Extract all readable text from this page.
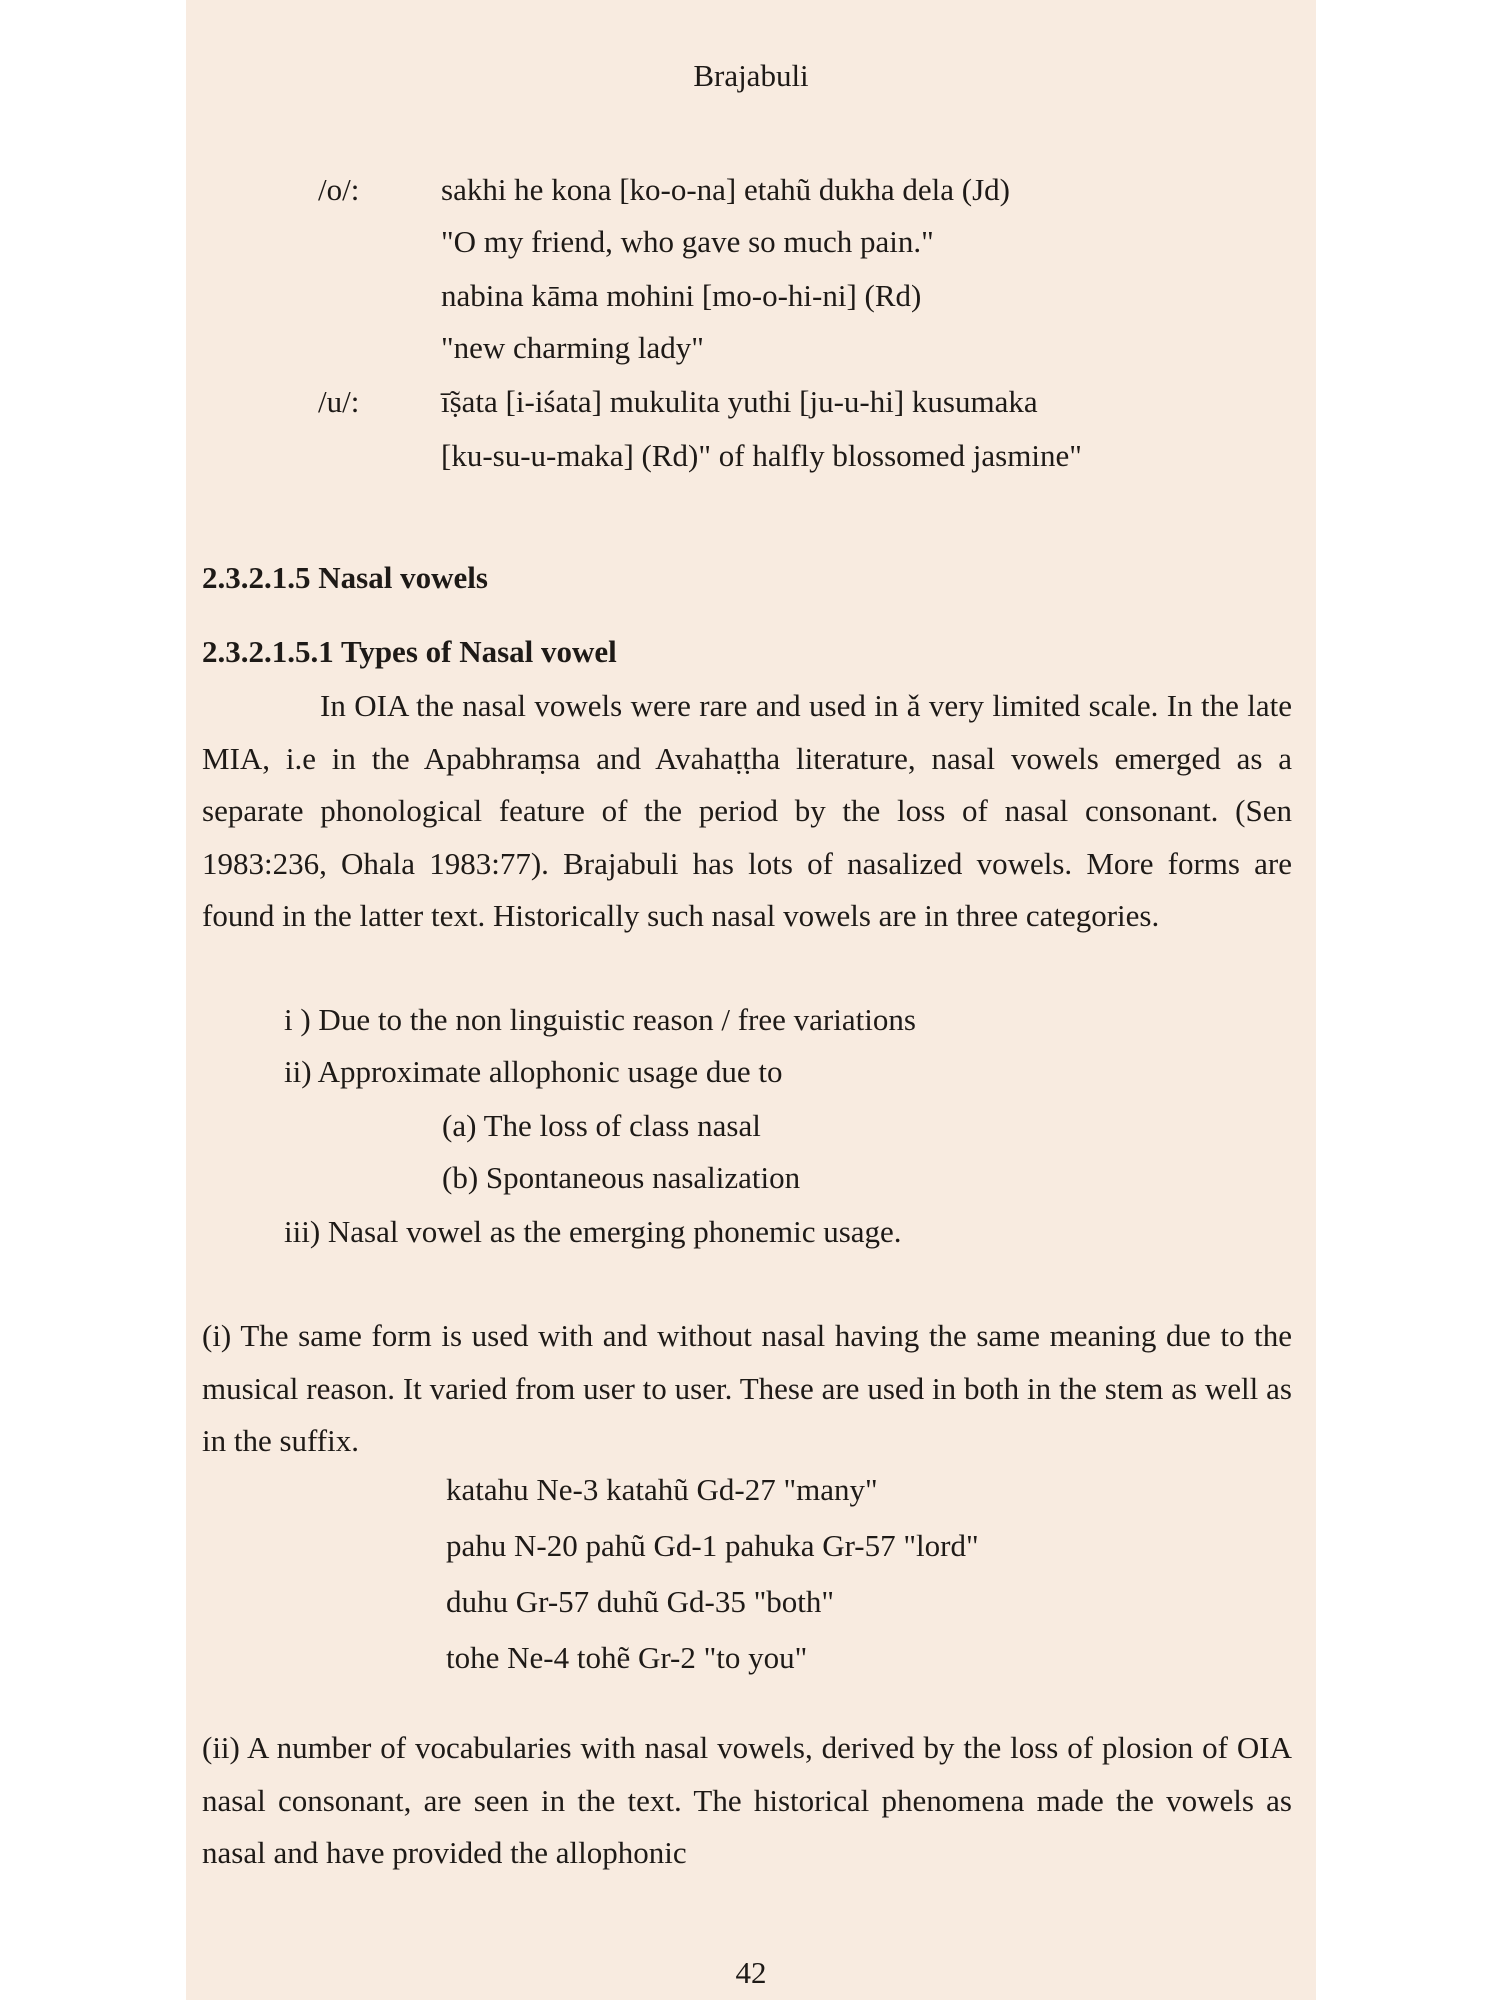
Brajabuli
/o/:	sakhi he kona [ko-o-na] etahũ dukha dela (Jd)
"O my friend, who gave so much pain."
nabina kāma mohini [mo-o-hi-ni] (Rd)
"new charming lady"
/u/:	ī̃ṣata [i-iśata] mukulita yuthi [ju-u-hi] kusumaka
[ku-su-u-maka] (Rd)" of halfly blossomed jasmine"
2.3.2.1.5 Nasal vowels
2.3.2.1.5.1 Types of Nasal vowel
In OIA the nasal vowels were rare and used in ǎ very limited scale. In the late MIA, i.e in the Apabhraṃsa and Avahaṭṭha literature, nasal vowels emerged as a separate phonological feature of the period by the loss of nasal consonant. (Sen 1983:236, Ohala 1983:77). Brajabuli has lots of nasalized vowels. More forms are found in the latter text. Historically such nasal vowels are in three categories.
i ) Due to the non linguistic reason / free variations
ii) Approximate allophonic usage due to
(a) The loss of class nasal
(b) Spontaneous nasalization
iii) Nasal vowel as the emerging phonemic usage.
(i) The same form is used with and without nasal having the same meaning due to the musical reason. It varied from user to user. These are used in both in the stem as well as in the suffix.
katahu Ne-3 katahũ Gd-27 "many"
pahu N-20 pahũ Gd-1 pahuka Gr-57 "lord"
duhu Gr-57 duhũ Gd-35 "both"
tohe Ne-4 tohẽ Gr-2 "to you"
(ii) A number of vocabularies with nasal vowels, derived by the loss of plosion of OIA nasal consonant, are seen in the text. The historical phenomena made the vowels as nasal and have provided the allophonic
42
